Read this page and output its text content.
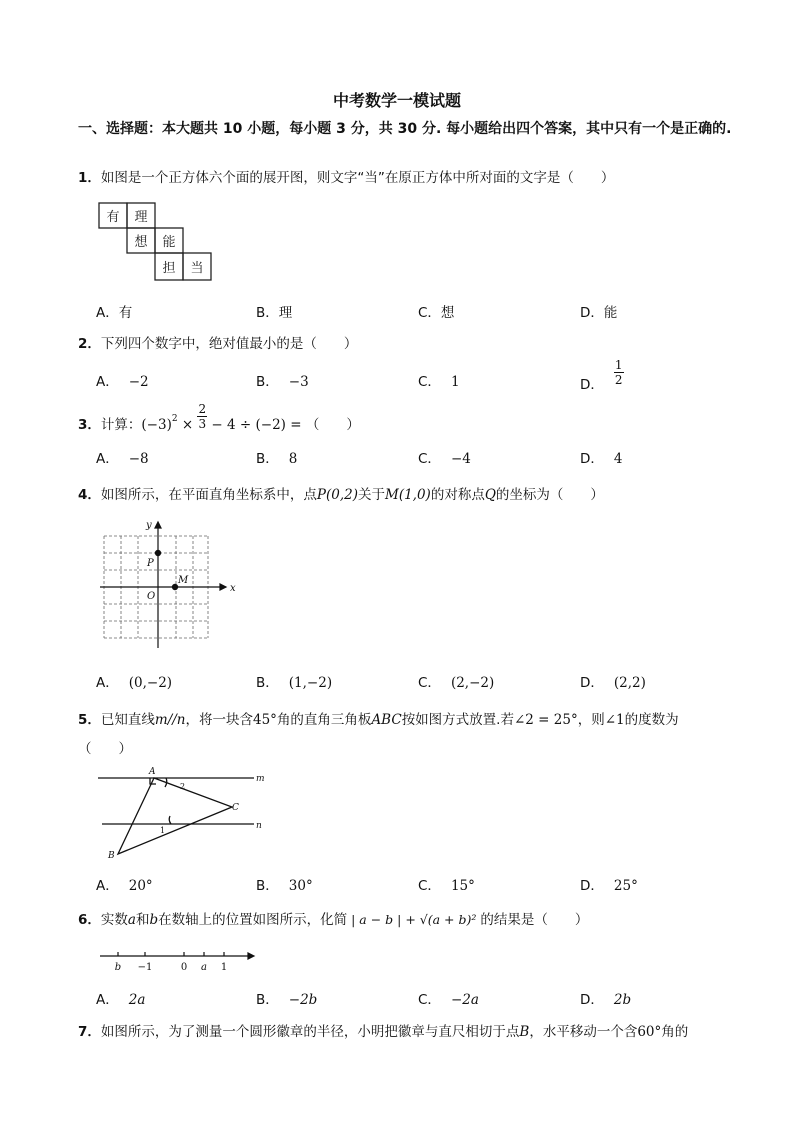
中考数学一模试题
一、选择题：本大题共 10 小题，每小题 3 分，共 30 分. 每小题给出四个答案，其中只有一个是正确的.
1．如图是一个正方体六个面的展开图，则文字“当”在原正方体中所对面的文字是（　　）
有 理
想 能
担 当
A．有	B．理	C．想	D．能
2．下列四个数字中，绝对值最小的是（　　）
A． −2	B． −3	C． 1	D． $\frac{1}{2}$
3．计算：$(-3)^2 \times \frac{2}{3} - 4 \div (-2)$ = （　　）
A． −8	B． 8	C． −4	D． 4
4．如图所示，在平面直角坐标系中，点P(0,2)关于M(1,0)的对称点Q的坐标为（　　）
x
y
O
P
M
A． (0,−2)	B． (1,−2)	C． (2,−2)	D． (2,2)
5．已知直线m//n，将一块含45°角的直角三角板ABC按如图方式放置.若∠2 = 25°，则∠1的度数为
（　　）
A
B
C
m
n
2
1
A． 20°	B． 30°	C． 15°	D． 25°
6．实数a和b在数轴上的位置如图所示，化简 | a − b | + √(a + b)² 的结果是（　　）
b −1	0 a 1
A． 2a	B． −2b	C． −2a	D． 2b
7．如图所示，为了测量一个圆形徽章的半径，小明把徽章与直尺相切于点B，水平移动一个含60°角的
